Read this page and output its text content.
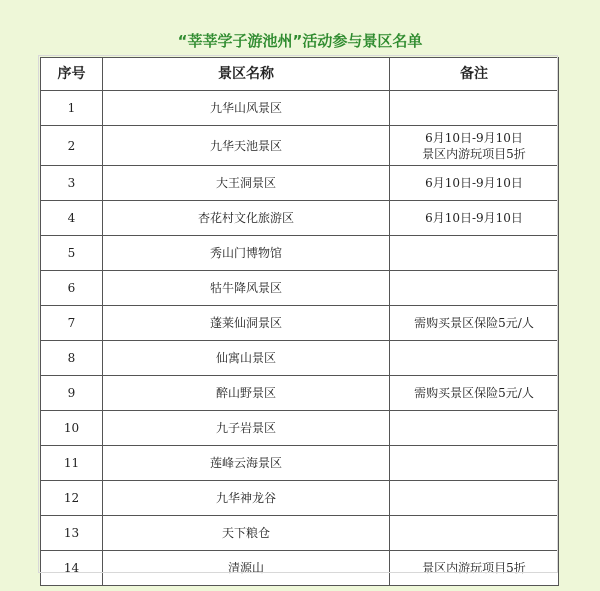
“莘莘学子游池州”活动参与景区名单
序号	景区名称	备注
1	九华山风景区	

2	九华天池景区	6月10日-9月10日
景区内游玩项目5折

3	大王洞景区	6月10日-9月10日

4	杏花村文化旅游区	6月10日-9月10日

5	秀山门博物馆	

6	牯牛降风景区	

7	蓬莱仙洞景区	需购买景区保险5元/人

8	仙寓山景区	

9	醉山野景区	需购买景区保险5元/人

10	九子岩景区	

11	莲峰云海景区	

12	九华神龙谷	

13	天下粮仓	

14	清源山	景区内游玩项目5折
